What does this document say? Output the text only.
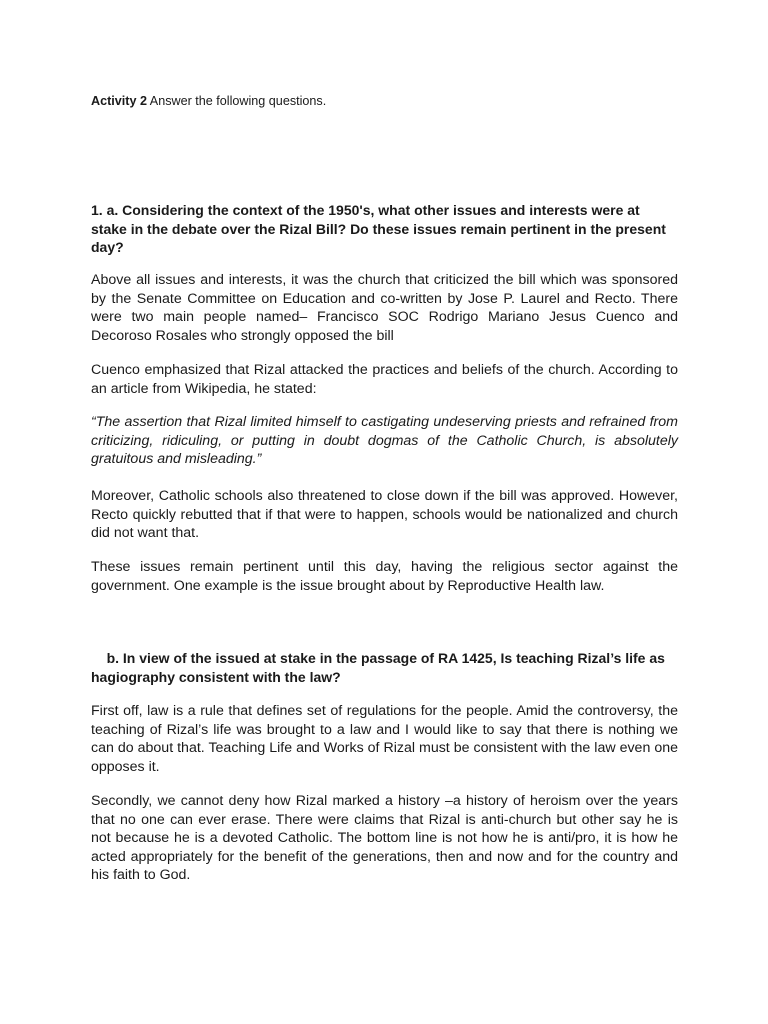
Activity 2 Answer the following questions.

1. a. Considering the context of the 1950's, what other issues and interests were at stake in the debate over the Rizal Bill? Do these issues remain pertinent in the present day?

Above all issues and interests, it was the church that criticized the bill which was sponsored by the Senate Committee on Education and co-written by Jose P. Laurel and Recto. There were two main people named– Francisco SOC Rodrigo Mariano Jesus Cuenco and Decoroso Rosales who strongly opposed the bill

Cuenco emphasized that Rizal attacked the practices and beliefs of the church. According to an article from Wikipedia, he stated:

“The assertion that Rizal limited himself to castigating undeserving priests and refrained from criticizing, ridiculing, or putting in doubt dogmas of the Catholic Church, is absolutely gratuitous and misleading.”

Moreover, Catholic schools also threatened to close down if the bill was approved. However, Recto quickly rebutted that if that were to happen, schools would be nationalized and church did not want that.

These issues remain pertinent until this day, having the religious sector against the government. One example is the issue brought about by Reproductive Health law.

b. In view of the issued at stake in the passage of RA 1425, Is teaching Rizal’s life as hagiography consistent with the law?

First off, law is a rule that defines set of regulations for the people. Amid the controversy, the teaching of Rizal’s life was brought to a law and I would like to say that there is nothing we can do about that. Teaching Life and Works of Rizal must be consistent with the law even one opposes it.

Secondly, we cannot deny how Rizal marked a history –a history of heroism over the years that no one can ever erase. There were claims that Rizal is anti-church but other say he is not because he is a devoted Catholic. The bottom line is not how he is anti/pro, it is how he acted appropriately for the benefit of the generations, then and now and for the country and his faith to God.
